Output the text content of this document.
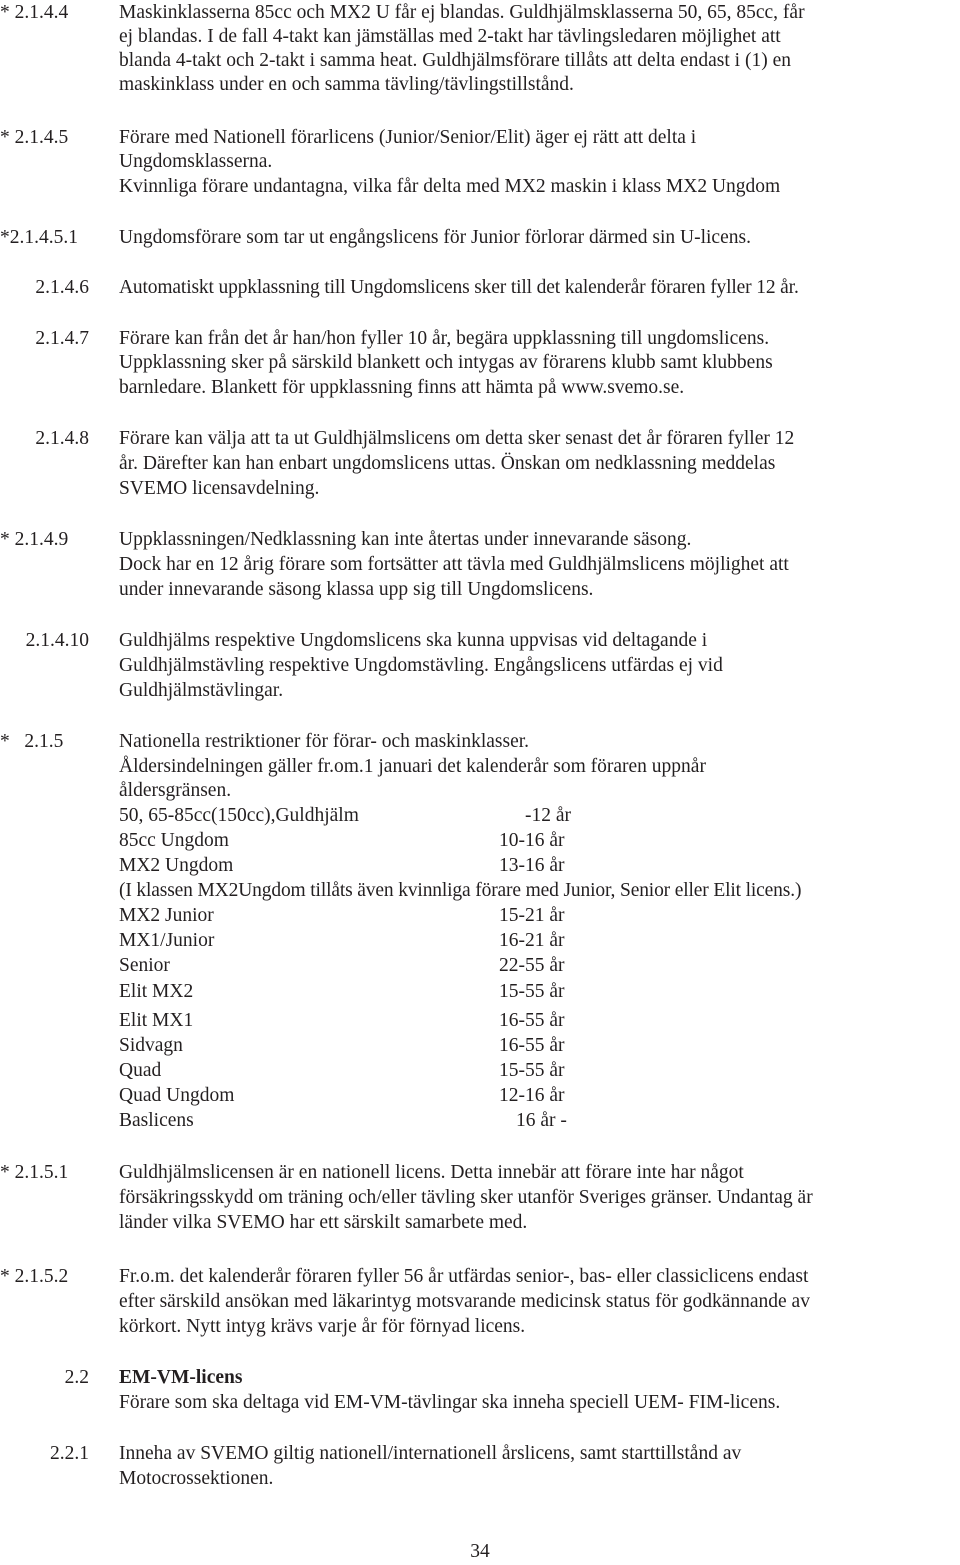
* 2.1.4.4	Maskinklasserna 85cc och MX2 U får ej blandas. Guldhjälmsklasserna 50, 65, 85cc, får

ej blandas. I de fall 4-takt kan jämställas med 2-takt har tävlingsledaren möjlighet att

blanda 4-takt och 2-takt i samma heat. Guldhjälmsförare tillåts att delta endast i (1) en

maskinklass under en och samma tävling/tävlingstillstånd.

* 2.1.4.5	Förare med Nationell förarlicens (Junior/Senior/Elit) äger ej rätt att delta i

Ungdomsklasserna.

Kvinnliga förare undantagna, vilka får delta med MX2 maskin i klass MX2 Ungdom

*2.1.4.5.1 Ungdomsförare som tar ut engångslicens för Junior förlorar därmed sin U-licens.

2.1.4.6 Automatiskt uppklassning till Ungdomslicens sker till det kalenderår föraren fyller 12 år.

2.1.4.7 Förare kan från det år han/hon fyller 10 år, begära uppklassning till ungdomslicens.

Uppklassning sker på särskild blankett och intygas av förarens klubb samt klubbens

barnledare. Blankett för uppklassning finns att hämta på www.svemo.se.

2.1.4.8 Förare kan välja att ta ut Guldhjälmslicens om detta sker senast det år föraren fyller 12

år. Därefter kan han enbart ungdomslicens uttas. Önskan om nedklassning meddelas

SVEMO licensavdelning.

* 2.1.4.9	Uppklassningen/Nedklassning kan inte återtas under innevarande säsong.

Dock har en 12 årig förare som fortsätter att tävla med Guldhjälmslicens möjlighet att

under innevarande säsong klassa upp sig till Ungdomslicens.

2.1.4.10 Guldhjälms respektive Ungdomslicens ska kunna uppvisas vid deltagande i

Guldhjälmstävling respektive Ungdomstävling. Engångslicens utfärdas ej vid

Guldhjälmstävlingar.

*   2.1.5	Nationella restriktioner för förar- och maskinklasser.

Åldersindelningen gäller fr.om.1 januari det kalenderår som föraren uppnår

åldersgränsen.

50, 65-85cc(150cc),Guldhjälm	-12 år

85cc Ungdom	10-16 år

MX2 Ungdom	13-16 år

(I klassen MX2Ungdom tillåts även kvinnliga förare med Junior, Senior eller Elit licens.)

MX2 Junior	15-21 år

MX1/Junior	16-21 år

Senior	22-55 år

Elit MX2	15-55 år

Elit MX1	16-55 år

Sidvagn	16-55 år

Quad	15-55 år

Quad Ungdom	12-16 år

Baslicens	16 år -

* 2.1.5.1	Guldhjälmslicensen är en nationell licens. Detta innebär att förare inte har något

försäkringsskydd om träning och/eller tävling sker utanför Sveriges gränser. Undantag är

länder vilka SVEMO har ett särskilt samarbete med.

* 2.1.5.2	Fr.o.m. det kalenderår föraren fyller 56 år utfärdas senior-, bas- eller classiclicens endast

efter särskild ansökan med läkarintyg motsvarande medicinsk status för godkännande av

körkort. Nytt intyg krävs varje år för förnyad licens.

2.2 EM-VM-licens

Förare som ska deltaga vid EM-VM-tävlingar ska inneha speciell UEM- FIM-licens.

2.2.1 Inneha av SVEMO giltig nationell/internationell årslicens, samt starttillstånd av

Motocrossektionen.

34
